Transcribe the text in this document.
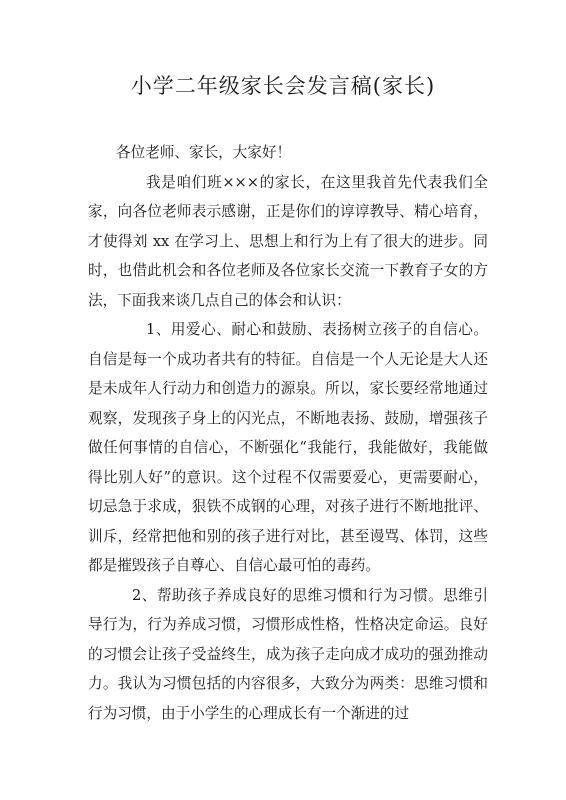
小学二年级家长会发言稿(家长)

各位老师、家长，大家好！

我是咱们班×××的家长，在这里我首先代表我们全家，向各位老师表示感谢，正是你们的谆谆教导、精心培育，才使得刘 xx 在学习上、思想上和行为上有了很大的进步。同时，也借此机会和各位老师及各位家长交流一下教育子女的方法，下面我来谈几点自己的体会和认识：

1、用爱心、耐心和鼓励、表扬树立孩子的自信心。自信是每一个成功者共有的特征。自信是一个人无论是大人还是未成年人行动力和创造力的源泉。所以，家长要经常地通过观察，发现孩子身上的闪光点，不断地表扬、鼓励，增强孩子做任何事情的自信心，不断强化“我能行，我能做好，我能做得比别人好”的意识。这个过程不仅需要爱心，更需要耐心，切忌急于求成，狠铁不成钢的心理，对孩子进行不断地批评、训斥，经常把他和别的孩子进行对比，甚至谩骂、体罚，这些都是摧毁孩子自尊心、自信心最可怕的毒药。

2、帮助孩子养成良好的思维习惯和行为习惯。思维引导行为，行为养成习惯，习惯形成性格，性格决定命运。良好的习惯会让孩子受益终生，成为孩子走向成才成功的强劲推动力。我认为习惯包括的内容很多，大致分为两类：思维习惯和行为习惯，由于小学生的心理成长有一个渐进的过
